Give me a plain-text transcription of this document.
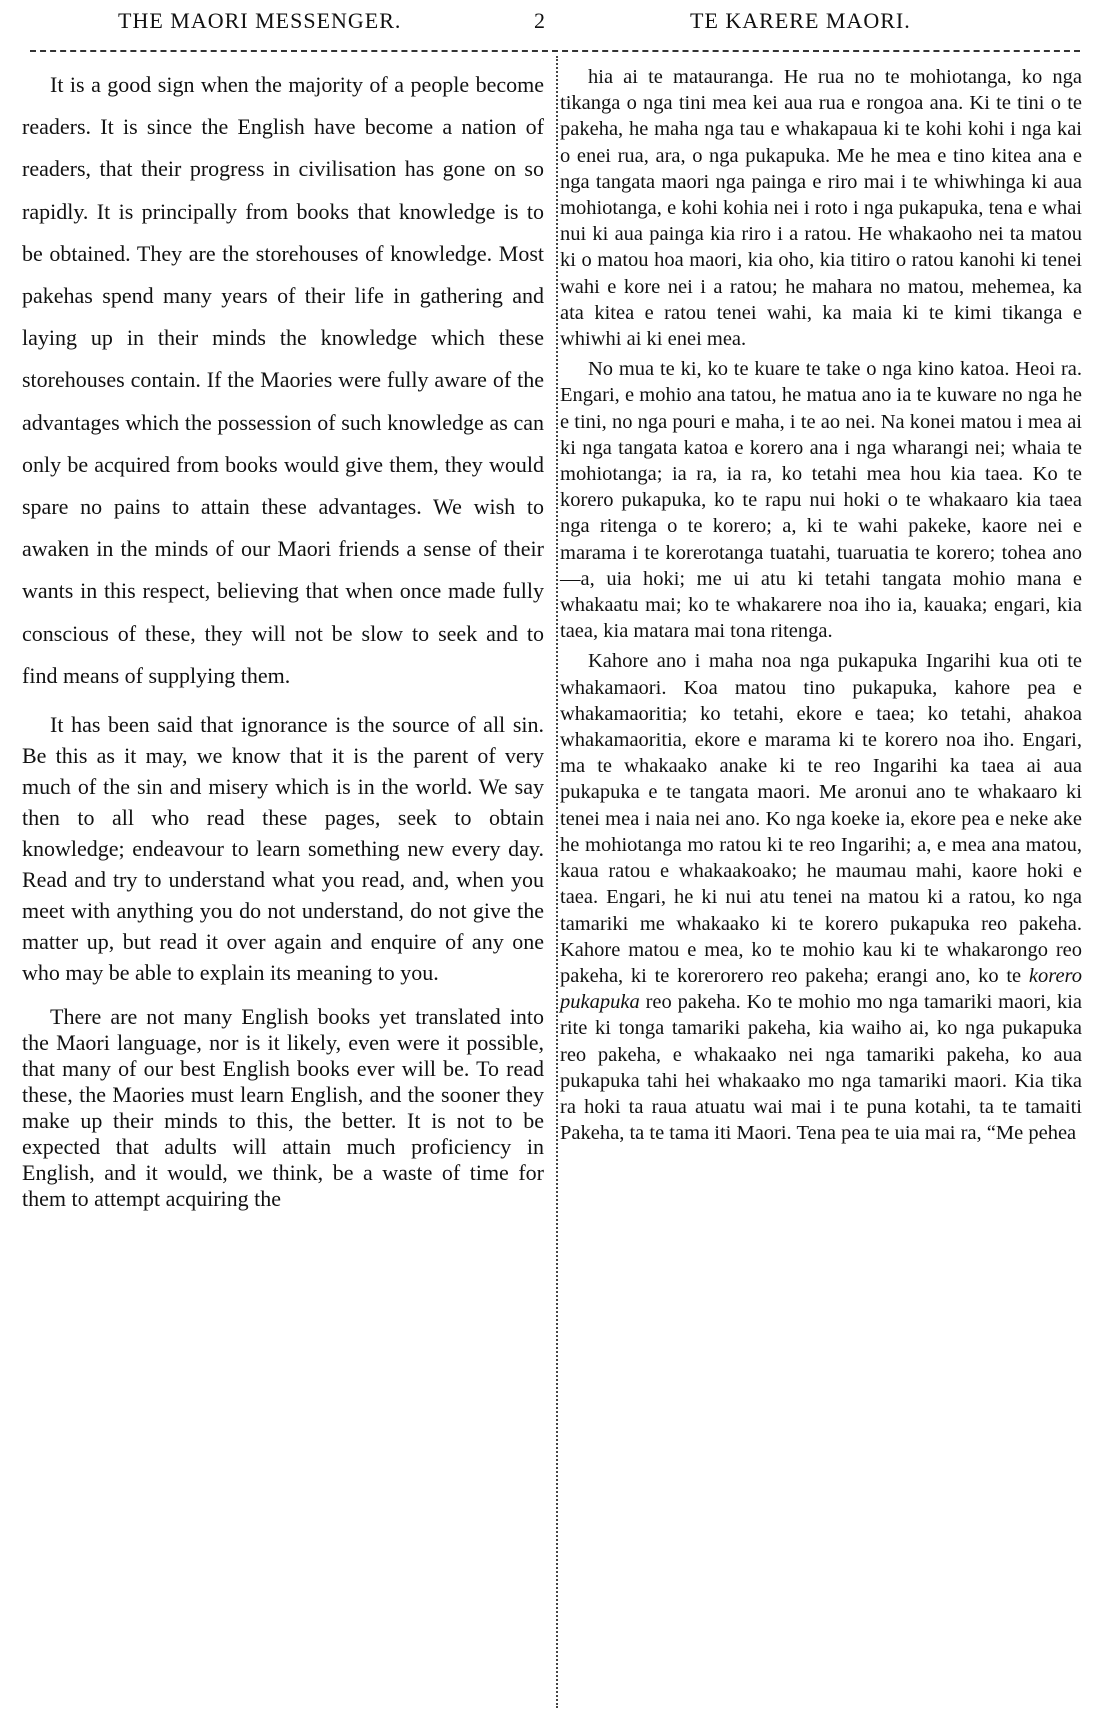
THE MAORI MESSENGER.	2	TE KARERE MAORI.

It is a good sign when the majority of a people become readers. It is since the English have become a nation of readers, that their progress in civilisation has gone on so rapidly. It is principally from books that knowledge is to be obtained. They are the storehouses of knowledge. Most pakehas spend many years of their life in gathering and laying up in their minds the knowledge which these storehouses contain. If the Maories were fully aware of the advantages which the possession of such knowledge as can only be acquired from books would give them, they would spare no pains to attain these advantages. We wish to awaken in the minds of our Maori friends a sense of their wants in this respect, believing that when once made fully conscious of these, they will not be slow to seek and to find means of supplying them.

It has been said that ignorance is the source of all sin. Be this as it may, we know that it is the parent of very much of the sin and misery which is in the world. We say then to all who read these pages, seek to obtain knowledge; endeavour to learn something new every day. Read and try to understand what you read, and, when you meet with anything you do not understand, do not give the matter up, but read it over again and enquire of any one who may be able to explain its meaning to you.

There are not many English books yet translated into the Maori language, nor is it likely, even were it possible, that many of our best English books ever will be. To read these, the Maories must learn English, and the sooner they make up their minds to this, the better. It is not to be expected that adults will attain much proficiency in English, and it would, we think, be a waste of time for them to attempt acquiring the

hia ai te matauranga. He rua no te mohiotanga, ko nga tikanga o nga tini mea kei aua rua e rongoa ana. Ki te tini o te pakeha, he maha nga tau e whakapaua ki te kohi kohi i nga kai o enei rua, ara, o nga pukapuka. Me he mea e tino kitea ana e nga tangata maori nga painga e riro mai i te whiwhinga ki aua mohiotanga, e kohi kohia nei i roto i nga pukapuka, tena e whai nui ki aua painga kia riro i a ratou. He whakaoho nei ta matou ki o matou hoa maori, kia oho, kia titiro o ratou kanohi ki tenei wahi e kore nei i a ratou; he mahara no matou, mehemea, ka ata kitea e ratou tenei wahi, ka maia ki te kimi tikanga e whiwhi ai ki enei mea.

No mua te ki, ko te kuare te take o nga kino katoa. Heoi ra. Engari, e mohio ana tatou, he matua ano ia te kuware no nga he e tini, no nga pouri e maha, i te ao nei. Na konei matou i mea ai ki nga tangata katoa e korero ana i nga wharangi nei; whaia te mohiotanga; ia ra, ia ra, ko tetahi mea hou kia taea. Ko te korero pukapuka, ko te rapu nui hoki o te whakaaro kia taea nga ritenga o te korero; a, ki te wahi pakeke, kaore nei e marama i te korerotanga tuatahi, tuaruatia te korero; tohea ano—a, uia hoki; me ui atu ki tetahi tangata mohio mana e whakaatu mai; ko te whakarere noa iho ia, kauaka; engari, kia taea, kia matara mai tona ritenga.

Kahore ano i maha noa nga pukapuka Ingarihi kua oti te whakamaori. Koa matou tino pukapuka, kahore pea e whakamaoritia; ko tetahi, ekore e taea; ko tetahi, ahakoa whakamaoritia, ekore e marama ki te korero noa iho. Engari, ma te whakaako anake ki te reo Ingarihi ka taea ai aua pukapuka e te tangata maori. Me aronui ano te whakaaro ki tenei mea i naia nei ano. Ko nga koeke ia, ekore pea e neke ake he mohiotanga mo ratou ki te reo Ingarihi; a, e mea ana matou, kaua ratou e whakaakoako; he maumau mahi, kaore hoki e taea. Engari, he ki nui atu tenei na matou ki a ratou, ko nga tamariki me whakaako ki te korero pukapuka reo pakeha. Kahore matou e mea, ko te mohio kau ki te whakarongo reo pakeha, ki te korerorero reo pakeha; erangi ano, ko te korero pukapuka reo pakeha. Ko te mohio mo nga tamariki maori, kia rite ki tonga tamariki pakeha, kia waiho ai, ko nga pukapuka reo pakeha, e whakaako nei nga tamariki pakeha, ko aua pukapuka tahi hei whakaako mo nga tamariki maori. Kia tika ra hoki ta raua atuatu wai mai i te puna kotahi, ta te tamaiti Pakeha, ta te tama iti Maori. Tena pea te uia mai ra, “Me pehea
